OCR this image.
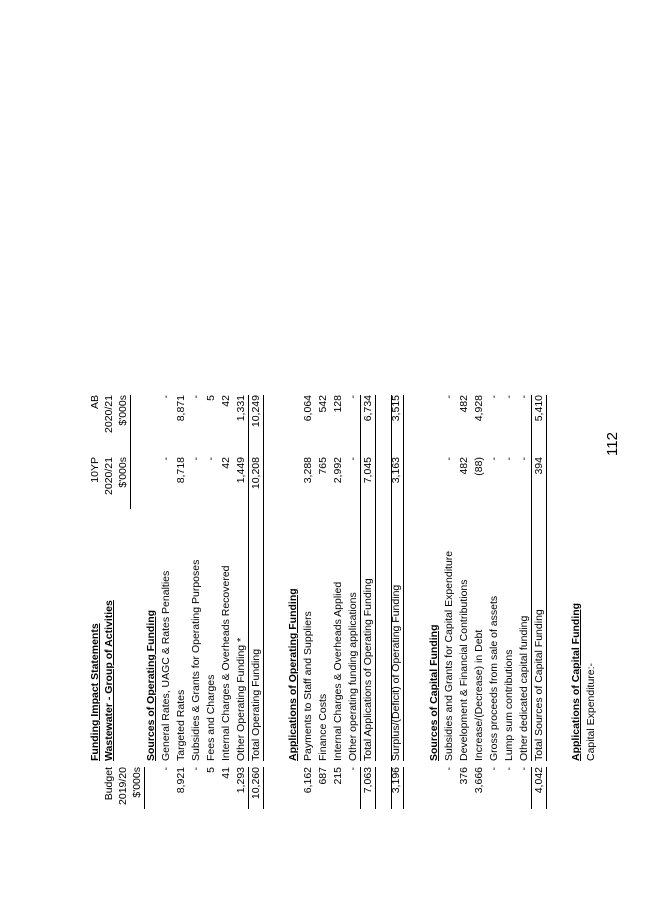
Funding Impact Statements Wastewater - Group of Activities
Budget 2019/20 $'000s
10YP 2020/21 $'000s
AB 2020/21 $'000s
Sources of Operating Funding
-
General Rates, UAGC & Rates Penalties
-
-
8,921
Targeted Rates
8,718
8,871
-
Subsidies & Grants for Operating Purposes
-
-
5
Fees and Charges
-
5
41
Internal Charges & Overheads Recovered
42
42
1,293
Other Operating Funding *
1,449
1,331
10,260
Total Operating Funding
10,208
10,249
Applications of Operating Funding
6,162
Payments to Staff and Suppliers
3,288
6,064
687
Finance Costs
765
542
215
Internal Charges & Overheads Applied
2,992
128
-
Other operating funding applications
-
-
7,063
Total Applications of Operating Funding
7,045
6,734
3,196
Surplus/(Deficit) of Operating Funding
3,163
3,515
Sources of Capital Funding
-
Subsidies and Grants for Capital Expenditure
-
-
376
Development & Financial Contributions
482
482
3,666
Increase/(Decrease) in Debt
(88)
4,928
-
Gross proceeds from sale of assets
-
-
-
Lump sum contributions
-
-
-
Other dedicated capital funding
-
-
4,042
Total Sources of Capital Funding
394
5,410
Applications of Capital Funding Capital Expenditure:-
112
